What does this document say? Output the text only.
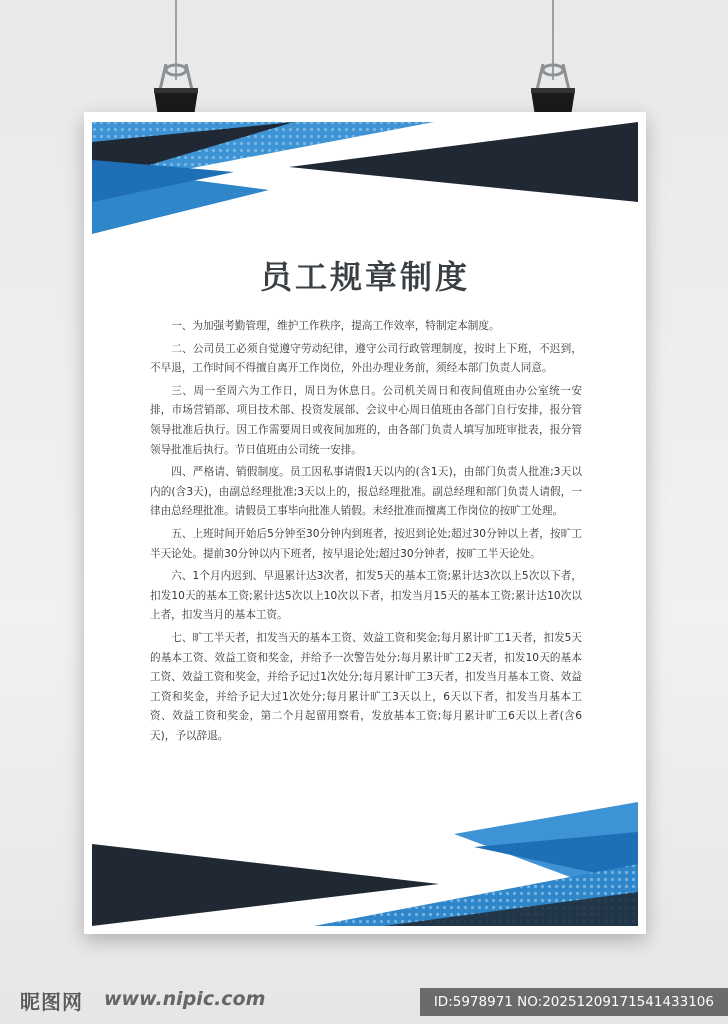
员工规章制度

一、为加强考勤管理，维护工作秩序，提高工作效率，特制定本制度。

二、公司员工必须自觉遵守劳动纪律，遵守公司行政管理制度，按时上下班，不迟到，不早退，工作时间不得擅自离开工作岗位，外出办理业务前，须经本部门负责人同意。

三、周一至周六为工作日，周日为休息日。公司机关周日和夜间值班由办公室统一安排，市场营销部、项目技术部、投资发展部、会议中心周日值班由各部门自行安排，报分管领导批准后执行。因工作需要周日或夜间加班的，由各部门负责人填写加班审批表，报分管领导批准后执行。节日值班由公司统一安排。

四、严格请、销假制度。员工因私事请假1天以内的(含1天)，由部门负责人批准;3天以内的(含3天)，由副总经理批准;3天以上的，报总经理批准。副总经理和部门负责人请假，一律由总经理批准。请假员工事毕向批准人销假。未经批准而擅离工作岗位的按旷工处理。

五、上班时间开始后5分钟至30分钟内到班者，按迟到论处;超过30分钟以上者，按旷工半天论处。提前30分钟以内下班者，按早退论处;超过30分钟者，按旷工半天论处。

六、1个月内迟到、早退累计达3次者，扣发5天的基本工资;累计达3次以上5次以下者，扣发10天的基本工资;累计达5次以上10次以下者，扣发当月15天的基本工资;累计达10次以上者，扣发当月的基本工资。

七、旷工半天者，扣发当天的基本工资、效益工资和奖金;每月累计旷工1天者，扣发5天的基本工资、效益工资和奖金，并给予一次警告处分;每月累计旷工2天者，扣发10天的基本工资、效益工资和奖金，并给予记过1次处分;每月累计旷工3天者，扣发当月基本工资、效益工资和奖金，并给予记大过1次处分;每月累计旷工3天以上，6天以下者，扣发当月基本工资、效益工资和奖金，第二个月起留用察看，发放基本工资;每月累计旷工6天以上者(含6天)，予以辞退。

昵图网 www.nipic.com	ID:5978971 NO:20251209171541433106
